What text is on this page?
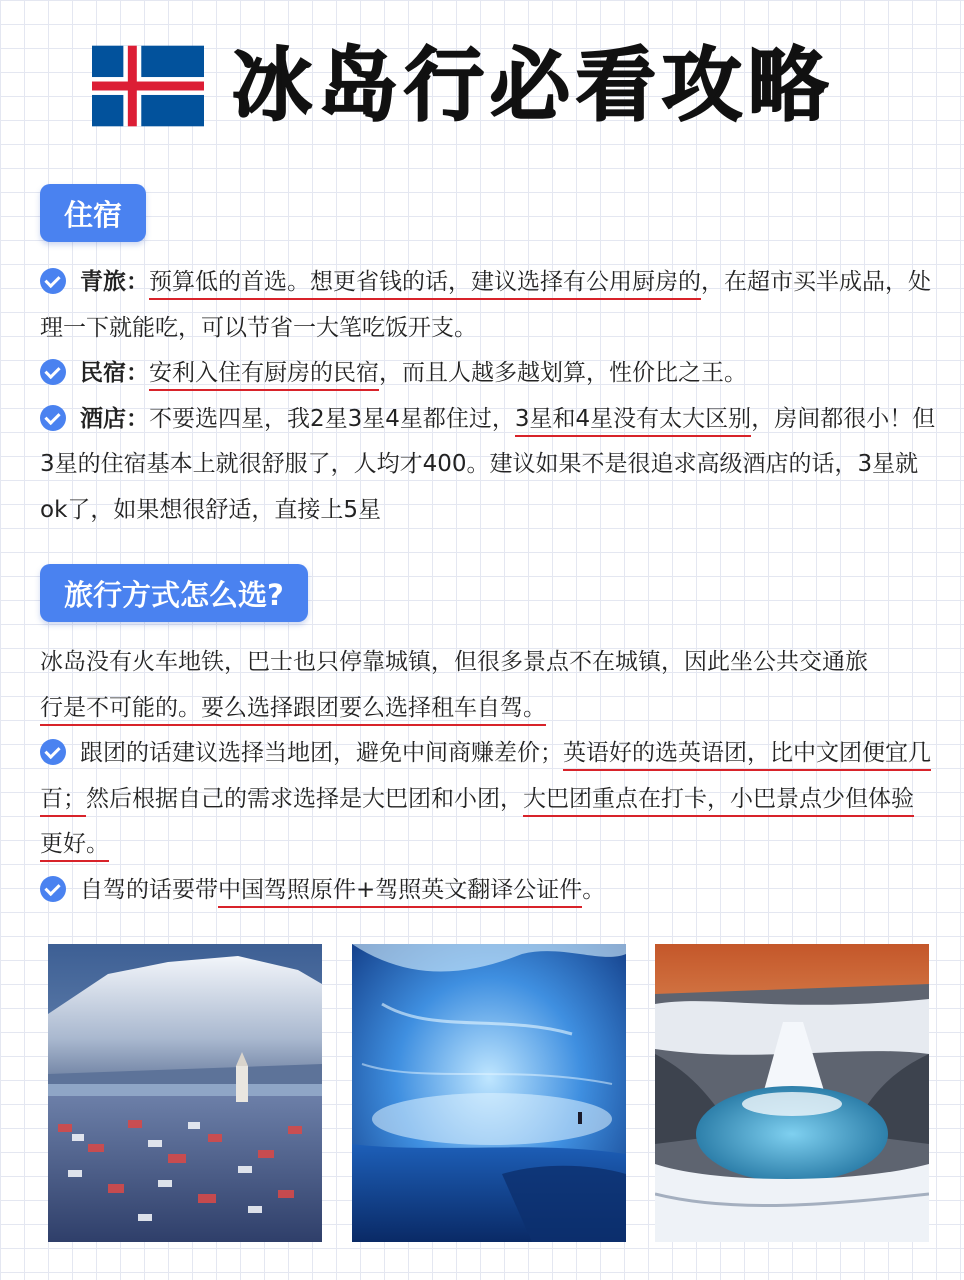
冰岛行必看攻略
住宿
青旅：预算低的首选。想更省钱的话，建议选择有公用厨房的，在超市买半成品，处理一下就能吃，可以节省一大笔吃饭开支。
民宿：安利入住有厨房的民宿，而且人越多越划算，性价比之王。
酒店：不要选四星，我2星3星4星都住过，3星和4星没有太大区别，房间都很小！但3星的住宿基本上就很舒服了，人均才400。建议如果不是很追求高级酒店的话，3星就ok了，如果想很舒适，直接上5星
旅行方式怎么选?
冰岛没有火车地铁，巴士也只停靠城镇，但很多景点不在城镇，因此坐公共交通旅
行是不可能的。要么选择跟团要么选择租车自驾。
跟团的话建议选择当地团，避免中间商赚差价；英语好的选英语团，比中文团便宜几百；然后根据自己的需求选择是大巴团和小团，大巴团重点在打卡，小巴景点少但体验更好。
自驾的话要带中国驾照原件+驾照英文翻译公证件。
